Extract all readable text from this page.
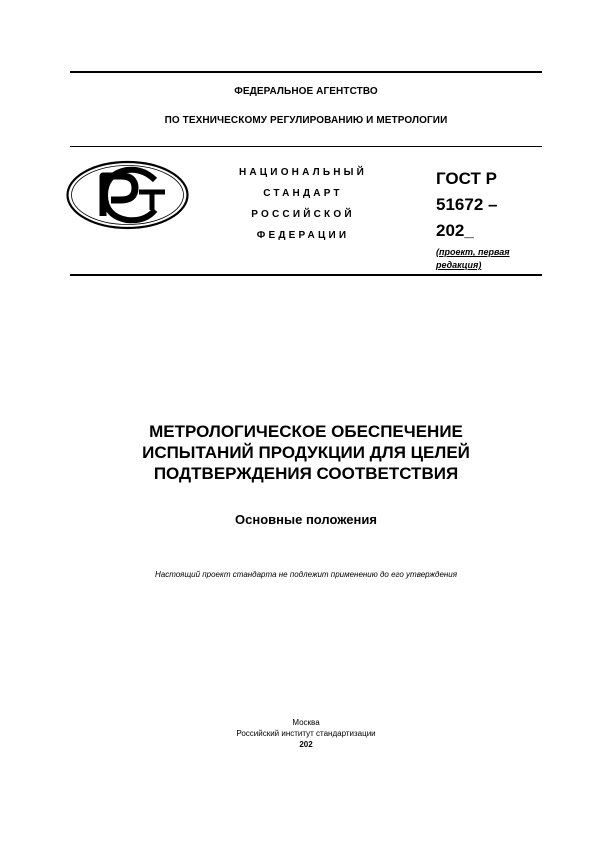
ФЕДЕРАЛЬНОЕ АГЕНТСТВО
ПО ТЕХНИЧЕСКОМУ РЕГУЛИРОВАНИЮ И МЕТРОЛОГИИ
НАЦИОНАЛЬНЫЙ
СТАНДАРТ
РОССИЙСКОЙ
ФЕДЕРАЦИИ
ГОСТ Р
51672 –
202_
(проект, первая
редакция)
МЕТРОЛОГИЧЕСКОЕ ОБЕСПЕЧЕНИЕ
ИСПЫТАНИЙ ПРОДУКЦИИ ДЛЯ ЦЕЛЕЙ
ПОДТВЕРЖДЕНИЯ СООТВЕТСТВИЯ
Основные положения
Настоящий проект стандарта не подлежит применению до его утверждения
Москва
Российский институт стандартизации
202
